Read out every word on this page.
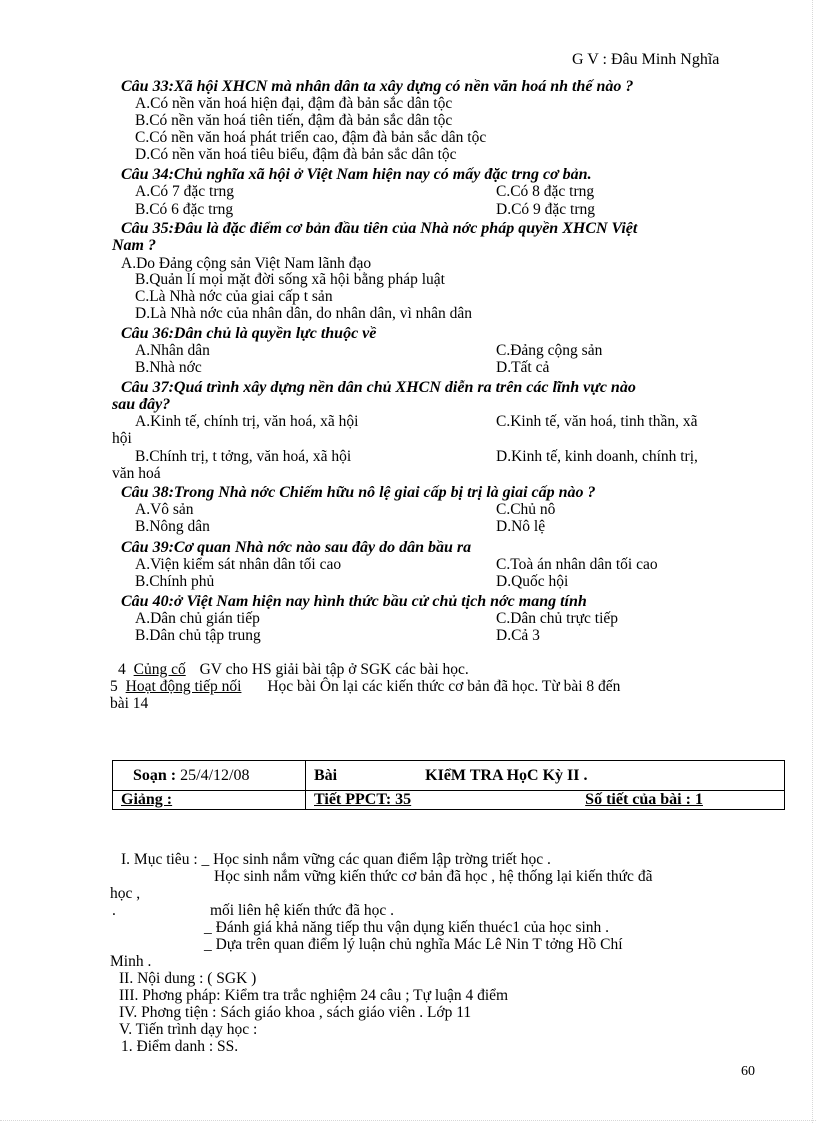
G V : Đâu Minh Nghĩa
Câu 33:Xã hội XHCN mà nhân dân ta xây dựng có nền văn hoá nh thế nào ?
A.Có nền văn hoá hiện đại, đậm đà bản sắc dân tộc
B.Có nền văn hoá tiên tiến, đậm đà bản sắc dân tộc
C.Có nền văn hoá phát triển cao, đậm đà bản sắc dân tộc
D.Có nền văn hoá tiêu biểu, đậm đà bản sắc dân tộc
Câu 34:Chủ nghĩa xã hội ở Việt Nam hiện nay có mấy đặc trng cơ bản.
A.Có 7 đặc trng	C.Có 8 đặc trng
B.Có 6 đặc trng	D.Có 9 đặc trng
Câu 35:Đâu là đặc điểm cơ bản đầu tiên của Nhà nớc pháp quyền XHCN Việt
Nam ?
A.Do Đảng cộng sản Việt Nam lãnh đạo
B.Quản lí mọi mặt đời sống xã hội bằng pháp luật
C.Là Nhà nớc của giai cấp t sản
D.Là Nhà nớc của nhân dân, do nhân dân, vì nhân dân
Câu 36:Dân chủ là quyền lực thuộc về
A.Nhân dân	C.Đảng cộng sản
B.Nhà nớc	D.Tất cả
Câu 37:Quá trình xây dựng nền dân chủ XHCN diễn ra trên các lĩnh vực nào
sau đây?
A.Kinh tế, chính trị, văn hoá, xã hội	C.Kinh tế, văn hoá, tinh thần, xã
hội
B.Chính trị, t tởng, văn hoá, xã hội	D.Kinh tế, kinh doanh, chính trị,
văn hoá
Câu 38:Trong Nhà nớc Chiếm hữu nô lệ giai cấp bị trị là giai cấp nào ?
A.Vô sản	C.Chủ nô
B.Nông dân	D.Nô lệ
Câu 39:Cơ quan Nhà nớc nào sau đây do dân bầu ra
A.Viện kiểm sát nhân dân tối cao	C.Toà án nhân dân tối cao
B.Chính phủ	D.Quốc hội
Câu 40:ở Việt Nam hiện nay hình thức bầu cử chủ tịch nớc mang tính
A.Dân chủ gián tiếp	C.Dân chủ trực tiếp
B.Dân chủ tập trung	D.Cả 3
4 Củng cố GV cho HS giải bài tập ở SGK các bài học.
5 Hoạt động tiếp nối Học bài Ôn lại các kiến thức cơ bản đã học. Từ bài 8 đến
bài 14
Soạn : 25/4/12/08	Bài KIểM TRA HọC Kỳ II .
Giảng :	Tiết PPCT: 35 Số tiết của bài : 1
I. Mục tiêu : _ Học sinh nắm vững các quan điểm lập trờng triết học .
Học sinh nắm vững kiến thức cơ bản đã học , hệ thống lại kiến thức đã
học ,
.	mối liên hệ kiến thức đã học .
_ Đánh giá khả năng tiếp thu vận dụng kiến thuéc1 của học sinh .
_ Dựa trên quan điểm lý luận chủ nghĩa Mác Lê Nin T tởng Hồ Chí
Minh .
II. Nội dung : ( SGK )
III. Phơng pháp: Kiểm tra trắc nghiệm 24 câu ; Tự luận 4 điểm
IV. Phơng tiện : Sách giáo khoa , sách giáo viên . Lớp 11
V. Tiến trình dạy học :
1. Điểm danh : SS.
60
